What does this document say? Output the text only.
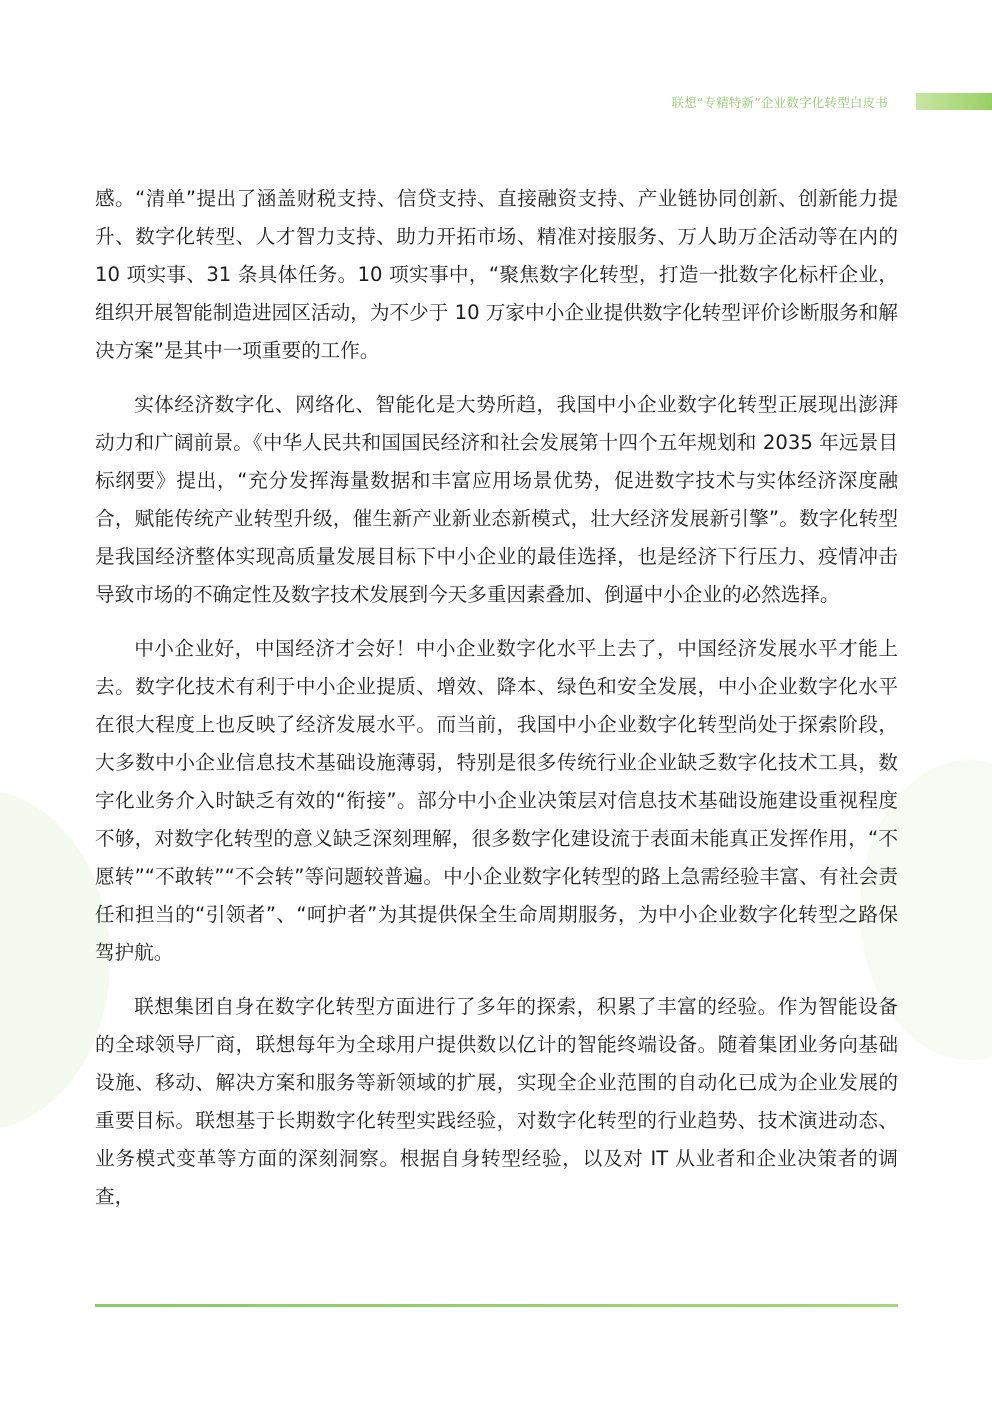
联想“专精特新”企业数字化转型白皮书

感。“清单”提出了涵盖财税支持、信贷支持、直接融资支持、产业链协同创新、创新能力提升、数字化转型、人才智力支持、助力开拓市场、精准对接服务、万人助万企活动等在内的 10 项实事、31 条具体任务。10 项实事中，“聚焦数字化转型，打造一批数字化标杆企业，组织开展智能制造进园区活动，为不少于 10 万家中小企业提供数字化转型评价诊断服务和解决方案”是其中一项重要的工作。

实体经济数字化、网络化、智能化是大势所趋，我国中小企业数字化转型正展现出澎湃动力和广阔前景。《中华人民共和国国民经济和社会发展第十四个五年规划和 2035 年远景目标纲要》提出，“充分发挥海量数据和丰富应用场景优势，促进数字技术与实体经济深度融合，赋能传统产业转型升级，催生新产业新业态新模式，壮大经济发展新引擎”。数字化转型是我国经济整体实现高质量发展目标下中小企业的最佳选择，也是经济下行压力、疫情冲击导致市场的不确定性及数字技术发展到今天多重因素叠加、倒逼中小企业的必然选择。

中小企业好，中国经济才会好！中小企业数字化水平上去了，中国经济发展水平才能上去。数字化技术有利于中小企业提质、增效、降本、绿色和安全发展，中小企业数字化水平在很大程度上也反映了经济发展水平。而当前，我国中小企业数字化转型尚处于探索阶段，大多数中小企业信息技术基础设施薄弱，特别是很多传统行业企业缺乏数字化技术工具，数字化业务介入时缺乏有效的“衔接”。部分中小企业决策层对信息技术基础设施建设重视程度不够，对数字化转型的意义缺乏深刻理解，很多数字化建设流于表面未能真正发挥作用，“不愿转”“不敢转”“不会转”等问题较普遍。中小企业数字化转型的路上急需经验丰富、有社会责任和担当的“引领者”、“呵护者”为其提供保全生命周期服务，为中小企业数字化转型之路保驾护航。

联想集团自身在数字化转型方面进行了多年的探索，积累了丰富的经验。作为智能设备的全球领导厂商，联想每年为全球用户提供数以亿计的智能终端设备。随着集团业务向基础设施、移动、解决方案和服务等新领域的扩展，实现全企业范围的自动化已成为企业发展的重要目标。联想基于长期数字化转型实践经验，对数字化转型的行业趋势、技术演进动态、业务模式变革等方面的深刻洞察。根据自身转型经验，以及对 IT 从业者和企业决策者的调查，
